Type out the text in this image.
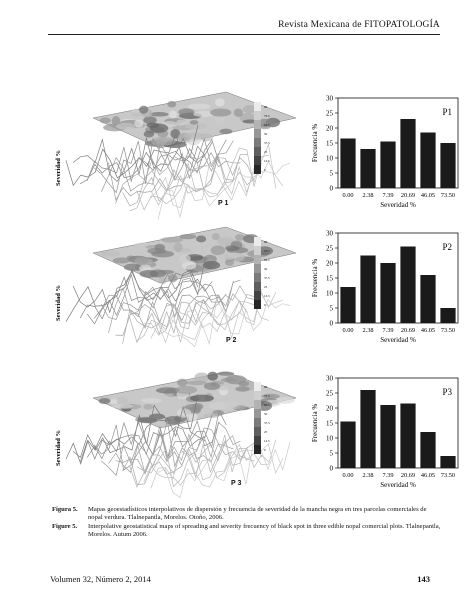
Revista Mexicana de FITOPATOLOGÍA
Severidad %
90
75.5
62.5
50
37.5
25
12.5
0
P 1
0
5
10
15
20
25
30
0.00 2.38 7.39 20.69 46.05 73.50
P1
Severidad %
Frecuencia %
Severidad %
90
75.5
62.5
50
37.5
25
12.5
0
P 2
0
5
10
15
20
25
30
0.00 2.38 7.39 20.69 46.05 73.50
P2
Severidad %
Frecuencia %
Severidad %
90
75.5
62.5
50
37.5
25
12.5
0
P 3
0
5
10
15
20
25
30
0.00 2.38 7.39 20.69 46.05 73.50
P3
Severidad %
Frecuencia %
Figura 5. Mapas geoestadísticos interpolativos de dispersión y frecuencia de severidad de la mancha negra en tres parcelas comerciales de nopal verdura. Tlalnepantla, Morelos. Otoño, 2006.
Figure 5. Interpolative geostatistical maps of spreading and severity frecuency of black spot in three edible nopal comercial plots. Tlalnepantla, Morelos. Autum 2006.
Volumen 32, Número 2, 2014	143
